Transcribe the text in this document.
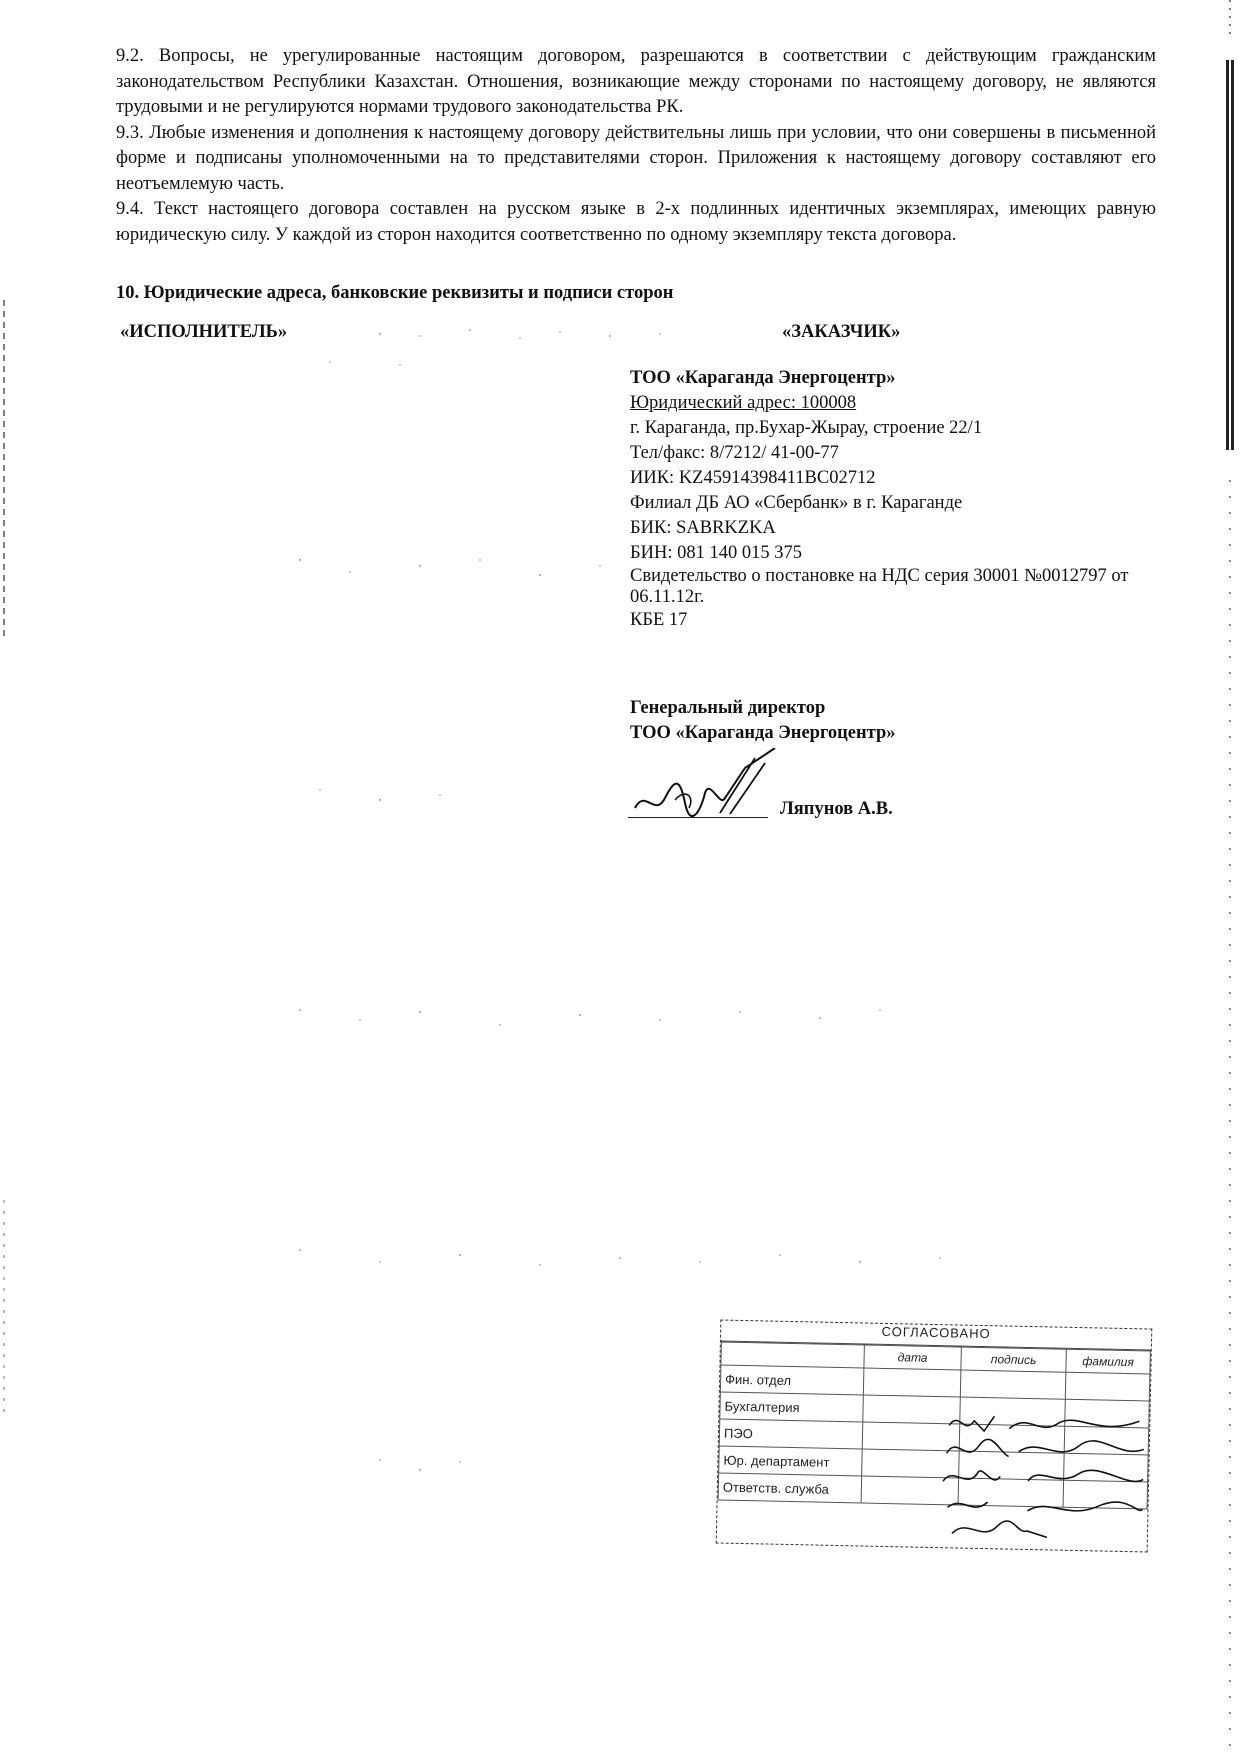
9.2. Вопросы, не урегулированные настоящим договором, разрешаются в соответствии с действующим гражданским законодательством Республики Казахстан. Отношения, возникающие между сторонами по настоящему договору, не являются трудовыми и не регулируются нормами трудового законодательства РК.

9.3. Любые изменения и дополнения к настоящему договору действительны лишь при условии, что они совершены в письменной форме и подписаны уполномоченными на то представителями сторон. Приложения к настоящему договору составляют его неотъемлемую часть.

9.4. Текст настоящего договора составлен на русском языке в 2-х подлинных идентичных экземплярах, имеющих равную юридическую силу. У каждой из сторон находится соответственно по одному экземпляру текста договора.

10. Юридические адреса, банковские реквизиты и подписи сторон
«ИСПОЛНИТЕЛЬ»	«ЗАКАЗЧИК»
ТОО «Караганда Энергоцентр»
Юридический адрес: 100008
г. Караганда, пр.Бухар-Жырау, строение 22/1
Тел/факс: 8/7212/ 41-00-77
ИИК: KZ45914398411BC02712
Филиал ДБ АО «Сбербанк» в г. Караганде
БИК: SABRKZKA
БИН: 081 140 015 375
Свидетельство о постановке на НДС серия 30001 №0012797 от 06.11.12г.
КБЕ 17
Генеральный директор
ТОО «Караганда Энергоцентр»
Ляпунов А.В.
СОГЛАСОВАНО
	дата	подпись	фамилия
Фин. отдел			
Бухгалтерия			
ПЭО			
Юр. департамент			
Ответств. служба			
